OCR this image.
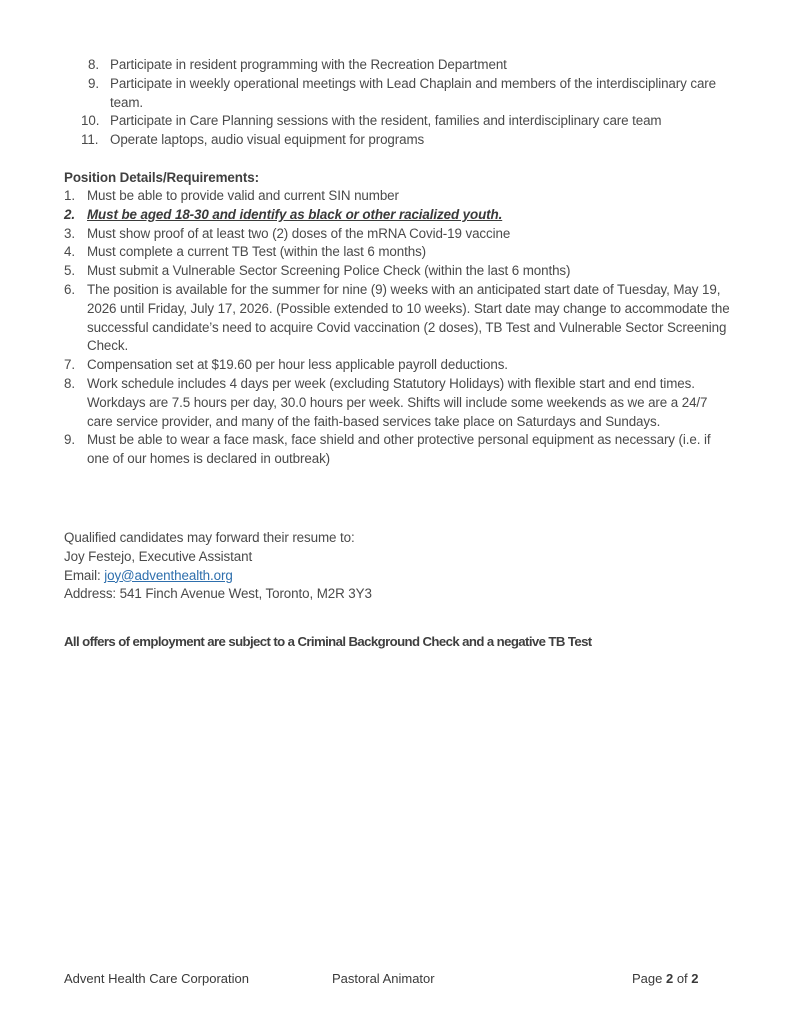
8. Participate in resident programming with the Recreation Department
9. Participate in weekly operational meetings with Lead Chaplain and members of the interdisciplinary care team.
10. Participate in Care Planning sessions with the resident, families and interdisciplinary care team
11. Operate laptops, audio visual equipment for programs
Position Details/Requirements:
1. Must be able to provide valid and current SIN number
2. Must be aged 18-30 and identify as black or other racialized youth.
3. Must show proof of at least two (2) doses of the mRNA Covid-19 vaccine
4. Must complete a current TB Test (within the last 6 months)
5. Must submit a Vulnerable Sector Screening Police Check (within the last 6 months)
6. The position is available for the summer for nine (9) weeks with an anticipated start date of Tuesday, May 19, 2026 until Friday, July 17, 2026. (Possible extended to 10 weeks). Start date may change to accommodate the successful candidate’s need to acquire Covid vaccination (2 doses), TB Test and Vulnerable Sector Screening Check.
7. Compensation set at $19.60 per hour less applicable payroll deductions.
8. Work schedule includes 4 days per week (excluding Statutory Holidays) with flexible start and end times. Workdays are 7.5 hours per day, 30.0 hours per week. Shifts will include some weekends as we are a 24/7 care service provider, and many of the faith-based services take place on Saturdays and Sundays.
9. Must be able to wear a face mask, face shield and other protective personal equipment as necessary (i.e. if one of our homes is declared in outbreak)
Qualified candidates may forward their resume to:
Joy Festejo, Executive Assistant
Email: joy@adventhealth.org
Address: 541 Finch Avenue West, Toronto, M2R 3Y3
All offers of employment are subject to a Criminal Background Check and a negative TB Test
Advent Health Care Corporation	Pastoral Animator	Page 2 of 2
